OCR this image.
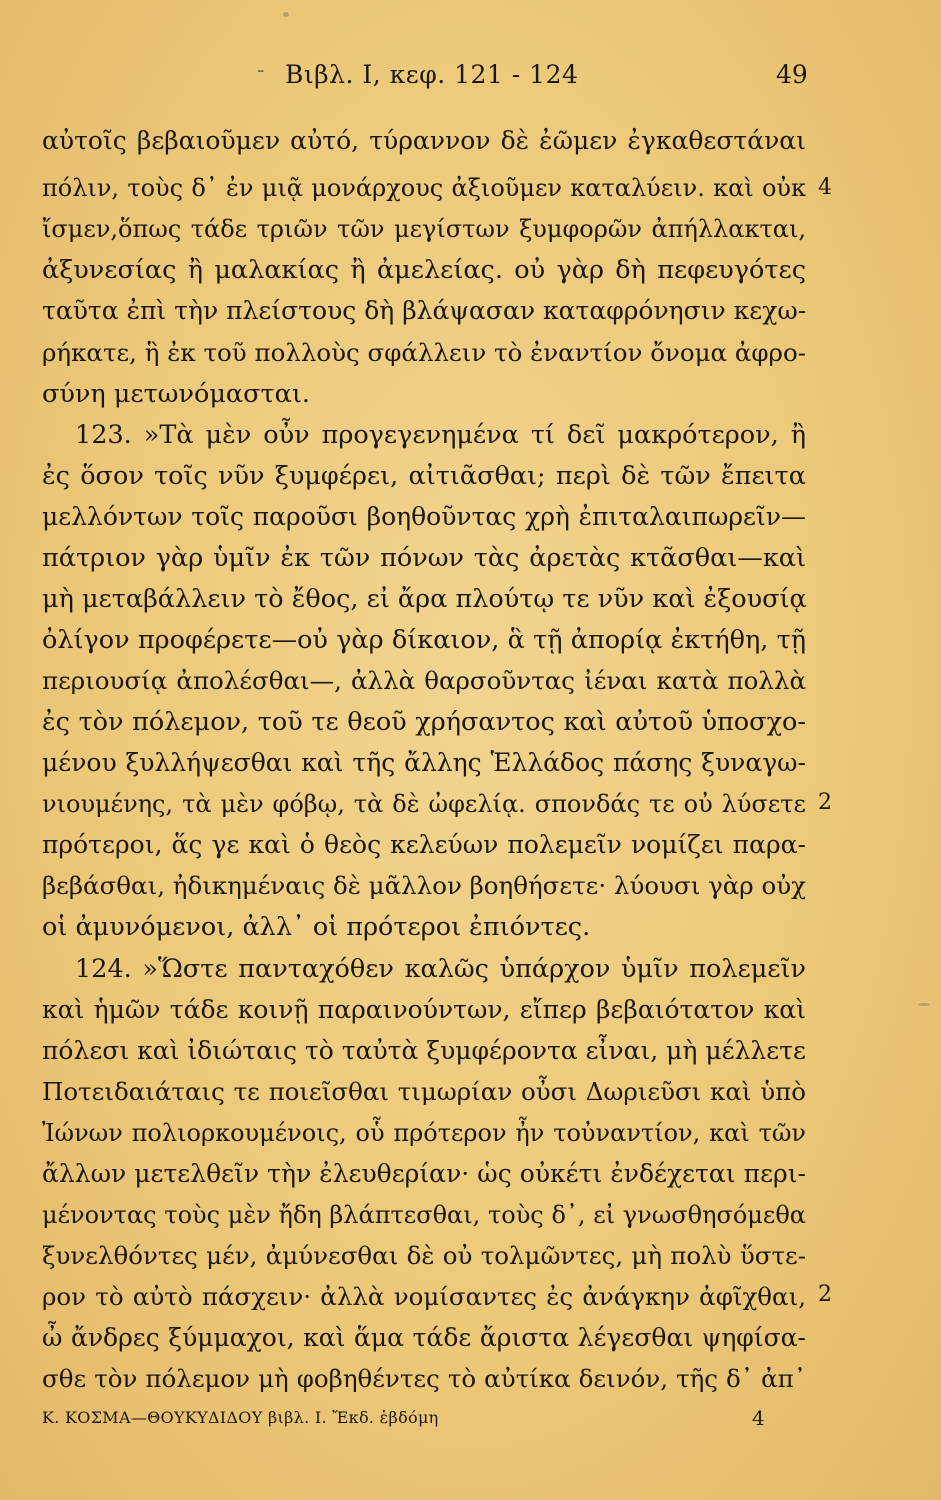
- Βιβλ. Ι, κεφ. 121 - 124	49
αὐτοῖς βεβαιοῦμεν αὐτό, τύραννον δὲ ἐῶμεν ἐγκαθεστάναι
πόλιν, τοὺς δ᾽ ἐν μιᾷ μονάρχους ἀξιοῦμεν καταλύειν. καὶ οὐκ
ἴσμεν,ὅπως τάδε τριῶν τῶν μεγίστων ξυμφορῶν ἀπήλλακται,
ἀξυνεσίας ἢ μαλακίας ἢ ἀμελείας. οὐ γὰρ δὴ πεφευγότες
ταῦτα ἐπὶ τὴν πλείστους δὴ βλάψασαν καταφρόνησιν κεχω-
ρήκατε, ἣ ἐκ τοῦ πολλοὺς σφάλλειν τὸ ἐναντίον ὄνομα ἀφρο-
σύνη μετωνόμασται.
123. »Τὰ μὲν οὖν προγεγενημένα τί δεῖ μακρότερον, ἢ
ἐς ὅσον τοῖς νῦν ξυμφέρει, αἰτιᾶσθαι; περὶ δὲ τῶν ἔπειτα
μελλόντων τοῖς παροῦσι βοηθοῦντας χρὴ ἐπιταλαιπωρεῖν—
πάτριον γὰρ ὑμῖν ἐκ τῶν πόνων τὰς ἀρετὰς κτᾶσθαι—καὶ
μὴ μεταβάλλειν τὸ ἔθος, εἰ ἄρα πλούτῳ τε νῦν καὶ ἐξουσίᾳ
ὀλίγον προφέρετε—οὐ γὰρ δίκαιον, ἃ τῇ ἀπορίᾳ ἐκτήθη, τῇ
περιουσίᾳ ἀπολέσθαι—, ἀλλὰ θαρσοῦντας ἰέναι κατὰ πολλὰ
ἐς τὸν πόλεμον, τοῦ τε θεοῦ χρήσαντος καὶ αὐτοῦ ὑποσχο-
μένου ξυλλήψεσθαι καὶ τῆς ἄλλης Ἑλλάδος πάσης ξυναγω-
νιουμένης, τὰ μὲν φόβῳ, τὰ δὲ ὠφελίᾳ. σπονδάς τε οὐ λύσετε
πρότεροι, ἅς γε καὶ ὁ θεὸς κελεύων πολεμεῖν νομίζει παρα-
βεβάσθαι, ἠδικημέναις δὲ μᾶλλον βοηθήσετε· λύουσι γὰρ οὐχ
οἱ ἀμυνόμενοι, ἀλλ᾽ οἱ πρότεροι ἐπιόντες.
124. »Ὥστε πανταχόθεν καλῶς ὑπάρχον ὑμῖν πολεμεῖν
καὶ ἡμῶν τάδε κοινῇ παραινούντων, εἴπερ βεβαιότατον καὶ
πόλεσι καὶ ἰδιώταις τὸ ταὐτὰ ξυμφέροντα εἶναι, μὴ μέλλετε
Ποτειδαιάταις τε ποιεῖσθαι τιμωρίαν οὖσι Δωριεῦσι καὶ ὑπὸ
Ἰώνων πολιορκουμένοις, οὗ πρότερον ἦν τοὐναντίον, καὶ τῶν
ἄλλων μετελθεῖν τὴν ἐλευθερίαν· ὡς οὐκέτι ἐνδέχεται περι-
μένοντας τοὺς μὲν ἤδη βλάπτεσθαι, τοὺς δ᾽, εἰ γνωσθησόμεθα
ξυνελθόντες μέν, ἀμύνεσθαι δὲ οὐ τολμῶντες, μὴ πολὺ ὕστε-
ρον τὸ αὐτὸ πάσχειν· ἀλλὰ νομίσαντες ἐς ἀνάγκην ἀφῖχθαι,
ὦ ἄνδρες ξύμμαχοι, καὶ ἅμα τάδε ἄριστα λέγεσθαι ψηφίσα-
σθε τὸν πόλεμον μὴ φοβηθέντες τὸ αὐτίκα δεινόν, τῆς δ᾽ ἀπ᾽
4
2
2
Κ. ΚΟΣΜΑ—ΘΟΥΚΥΔΙΔΟΥ βιβλ. Ι. Ἔκδ. ἑβδόμη	4
